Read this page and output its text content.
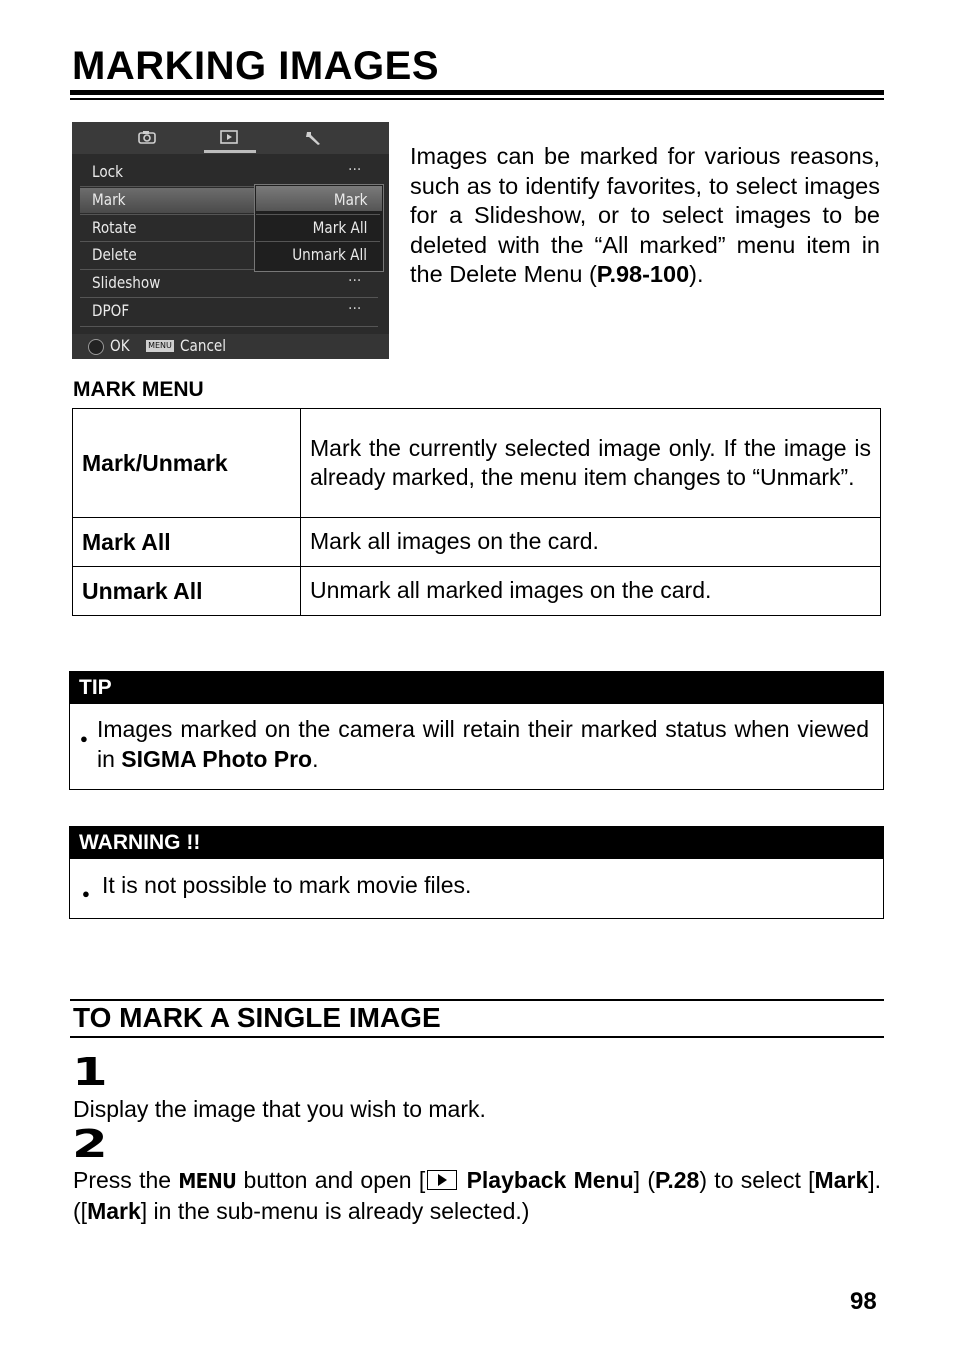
MARKING IMAGES
Lock	···
Mark
Rotate
Delete
Slideshow	···
DPOF	···
Mark
Mark All
Unmark All
OK MENU Cancel
Images can be marked for various reasons, such as to identify favorites, to select images for a Slideshow, or to select images to be deleted with the “All marked” menu item in the Delete Menu (P.98-100).
MARK MENU
Mark/Unmark	Mark the currently selected image only. If the image is already marked, the menu item changes to “Unmark”.
Mark All	Mark all images on the card.
Unmark All	Unmark all marked images on the card.
TIP
● Images marked on the camera will retain their marked status when viewed in SIGMA Photo Pro.
WARNING !!
● It is not possible to mark movie files.
TO MARK A SINGLE IMAGE
1
Display the image that you wish to mark.
2
Press the MENU button and open [ Playback Menu] (P.28) to select [Mark]. ([Mark] in the sub-menu is already selected.)
98
